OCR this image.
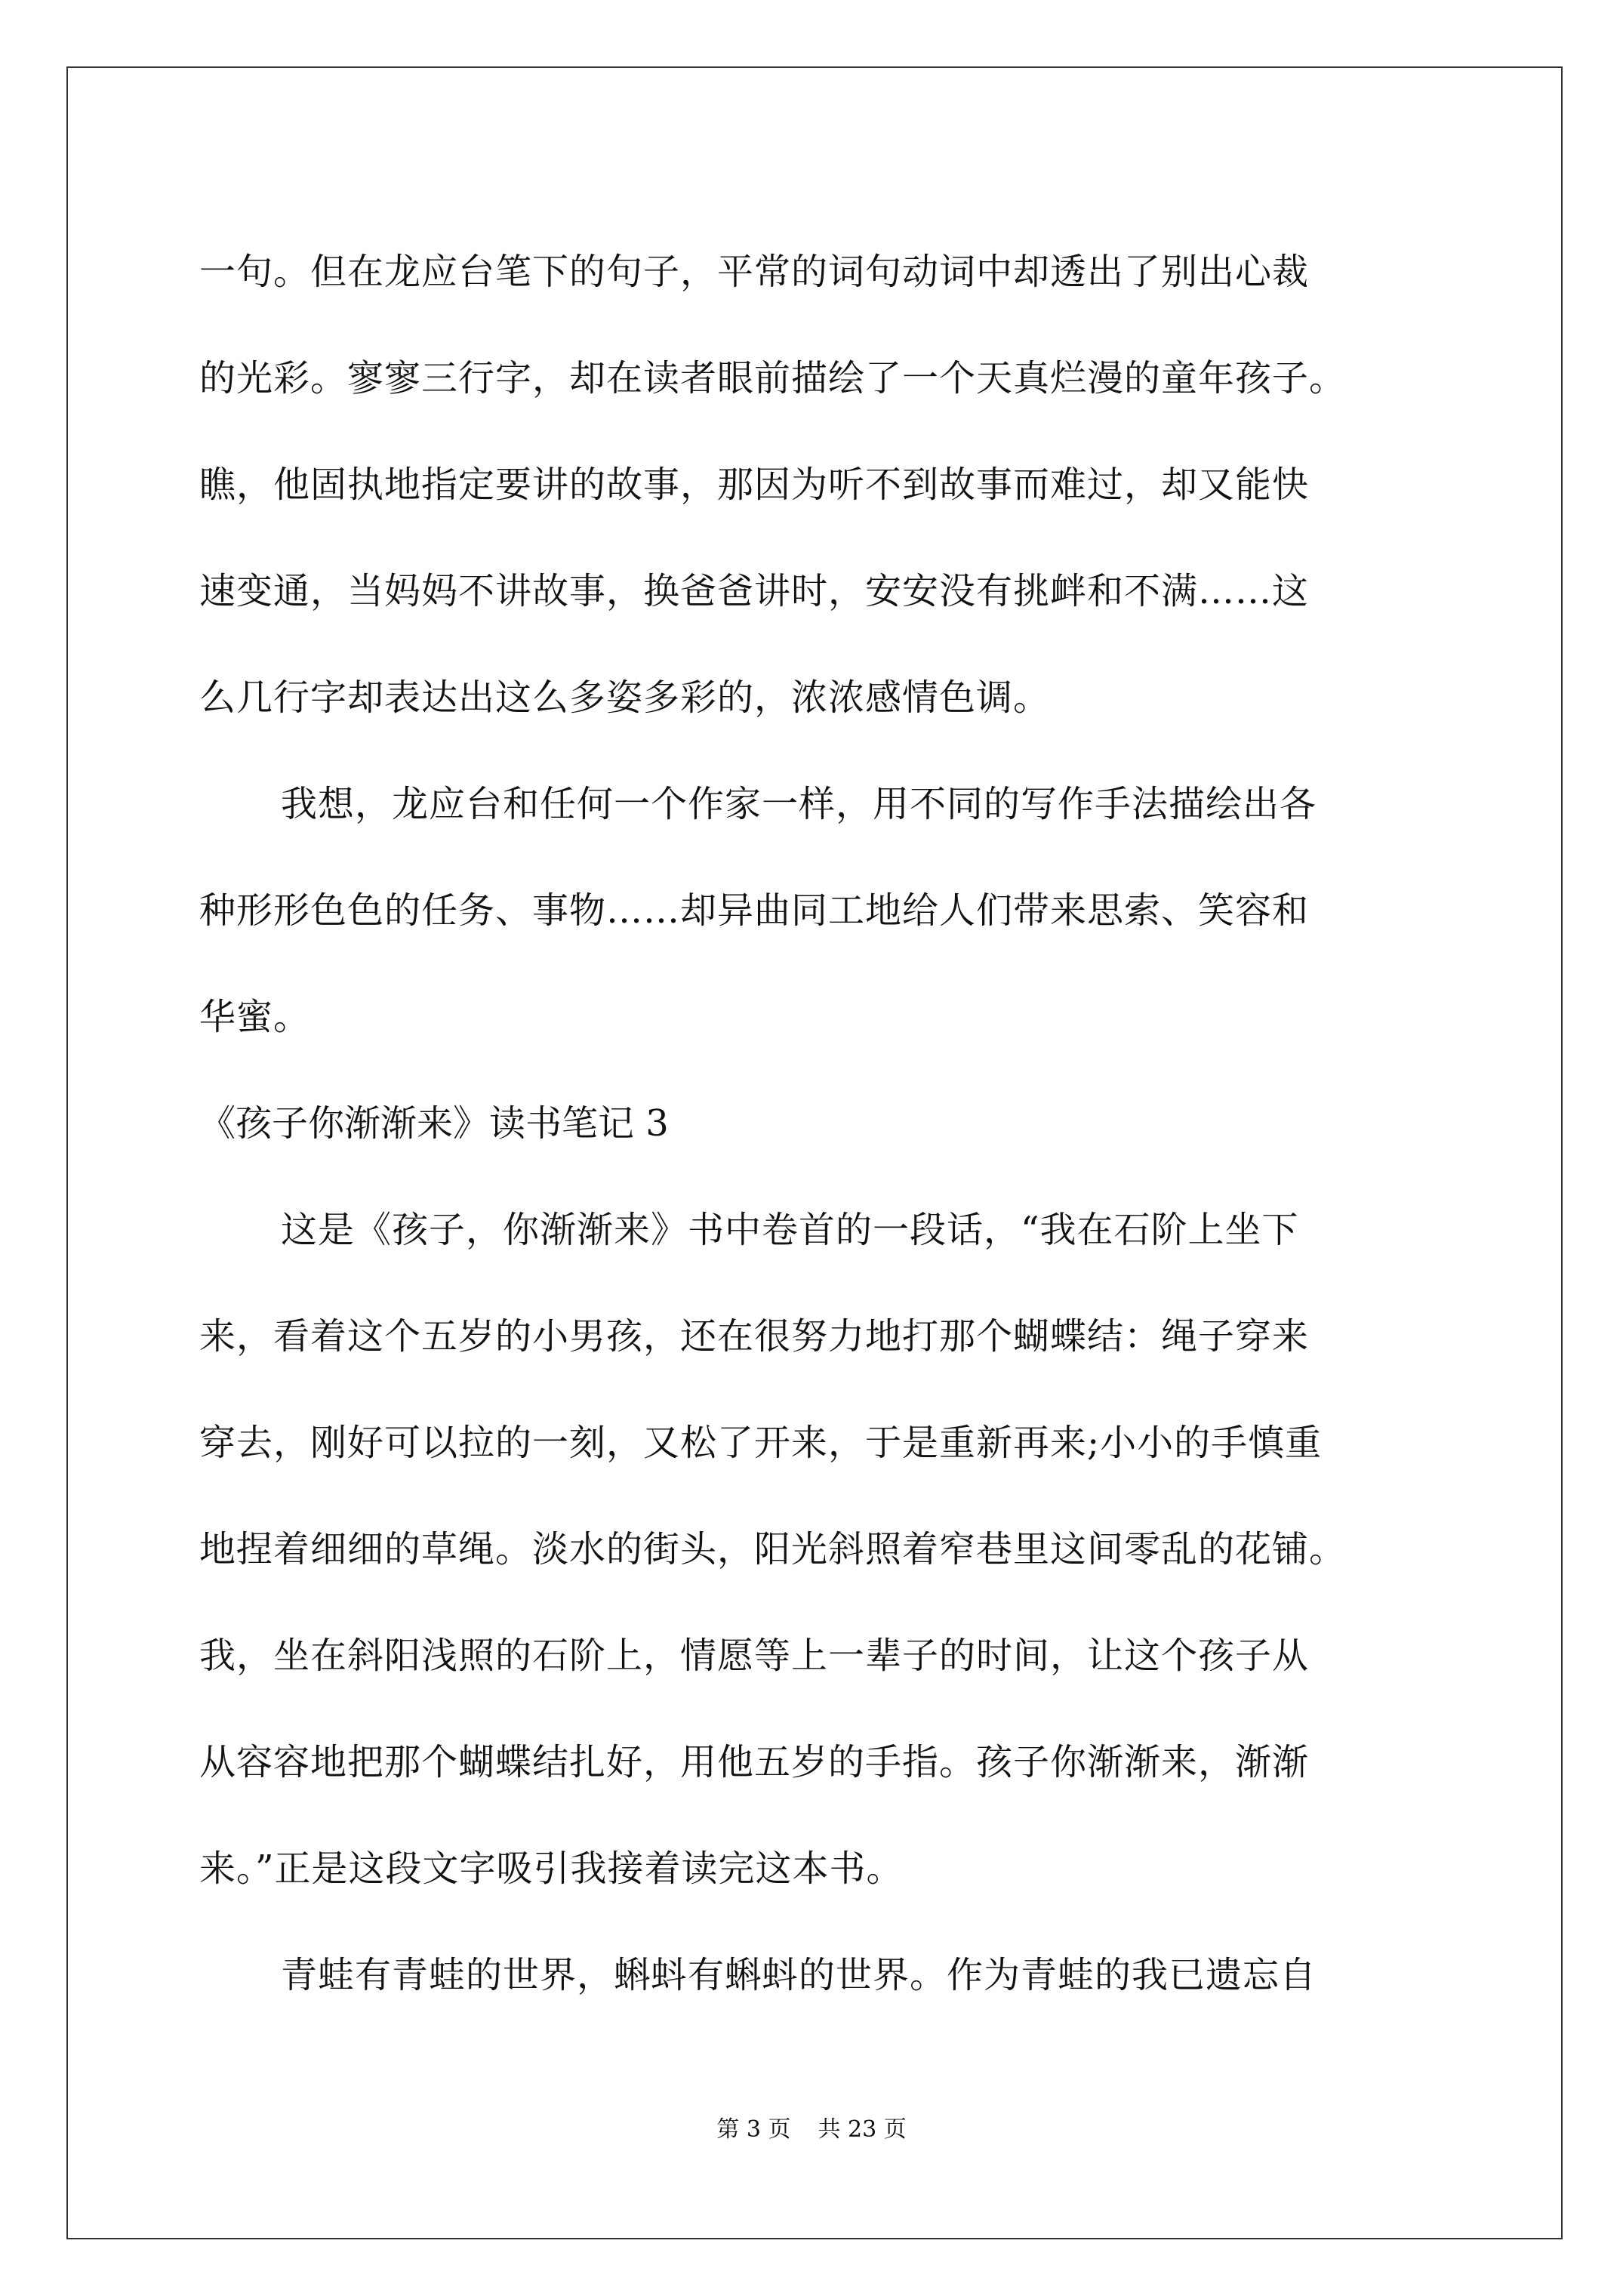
一句。但在龙应台笔下的句子，平常的词句动词中却透出了别出心裁
的光彩。寥寥三行字，却在读者眼前描绘了一个天真烂漫的童年孩子。
瞧，他固执地指定要讲的故事，那因为听不到故事而难过，却又能快
速变通，当妈妈不讲故事，换爸爸讲时，安安没有挑衅和不满……这
么几行字却表达出这么多姿多彩的，浓浓感情色调。
我想，龙应台和任何一个作家一样，用不同的写作手法描绘出各
种形形色色的任务、事物……却异曲同工地给人们带来思索、笑容和
华蜜。
《孩子你渐渐来》读书笔记 3
这是《孩子，你渐渐来》书中卷首的一段话，“我在石阶上坐下
来，看着这个五岁的小男孩，还在很努力地打那个蝴蝶结：绳子穿来
穿去，刚好可以拉的一刻，又松了开来，于是重新再来;小小的手慎重
地捏着细细的草绳。淡水的街头，阳光斜照着窄巷里这间零乱的花铺。
我，坐在斜阳浅照的石阶上，情愿等上一辈子的时间，让这个孩子从
从容容地把那个蝴蝶结扎好，用他五岁的手指。孩子你渐渐来，渐渐
来。”正是这段文字吸引我接着读完这本书。
青蛙有青蛙的世界，蝌蚪有蝌蚪的世界。作为青蛙的我已遗忘自
第 3 页 共 23 页
